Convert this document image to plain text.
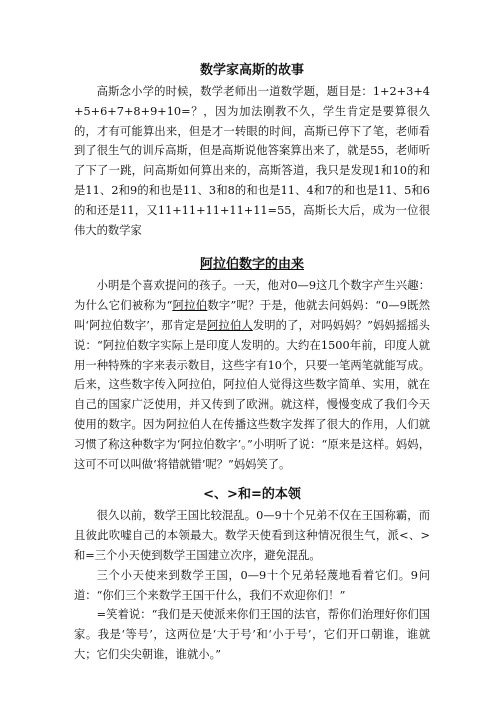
数学家高斯的故事

高斯念小学的时候，数学老师出一道数学题，题目是：1+2+3+4+5+6+7+8+9+10=？，因为加法刚教不久，学生肯定是要算很久的，才有可能算出来，但是才一转眼的时间，高斯已停下了笔，老师看到了很生气的训斥高斯，但是高斯说他答案算出来了，就是55，老师听了下了一跳，问高斯如何算出来的，高斯答道，我只是发现1和10的和是11、2和9的和也是11、3和8的和也是11、4和7的和也是11、5和6的和还是11，又11+11+11+11+11=55，高斯长大后，成为一位很伟大的数学家

阿拉伯数字的由来

小明是个喜欢提问的孩子。一天，他对0—9这几个数字产生兴趣：为什么它们被称为“阿拉伯数字”呢？于是，他就去问妈妈：“0—9既然叫‘阿拉伯数字’，那肯定是阿拉伯人发明的了，对吗妈妈？”妈妈摇摇头说：“阿拉伯数字实际上是印度人发明的。大约在1500年前，印度人就用一种特殊的字来表示数目，这些字有10个，只要一笔两笔就能写成。后来，这些数字传入阿拉伯，阿拉伯人觉得这些数字简单、实用，就在自己的国家广泛使用，并又传到了欧洲。就这样，慢慢变成了我们今天使用的数字。因为阿拉伯人在传播这些数字发挥了很大的作用，人们就习惯了称这种数字为‘阿拉伯数字’。”小明听了说：“原来是这样。妈妈，这可不可以叫做‘将错就错’呢？”妈妈笑了。

<、>和=的本领

很久以前，数学王国比较混乱。0—9十个兄弟不仅在王国称霸，而且彼此吹嘘自己的本领最大。数学天使看到这种情况很生气，派<、>和=三个小天使到数学王国建立次序，避免混乱。

三个小天使来到数学王国，0—9十个兄弟轻蔑地看着它们。9问道：“你们三个来数学王国干什么，我们不欢迎你们！”

=笑着说：“我们是天使派来你们王国的法官，帮你们治理好你们国家。我是‘等号’，这两位是‘大于号’和‘小于号’，它们开口朝谁，谁就大；它们尖尖朝谁，谁就小。”
